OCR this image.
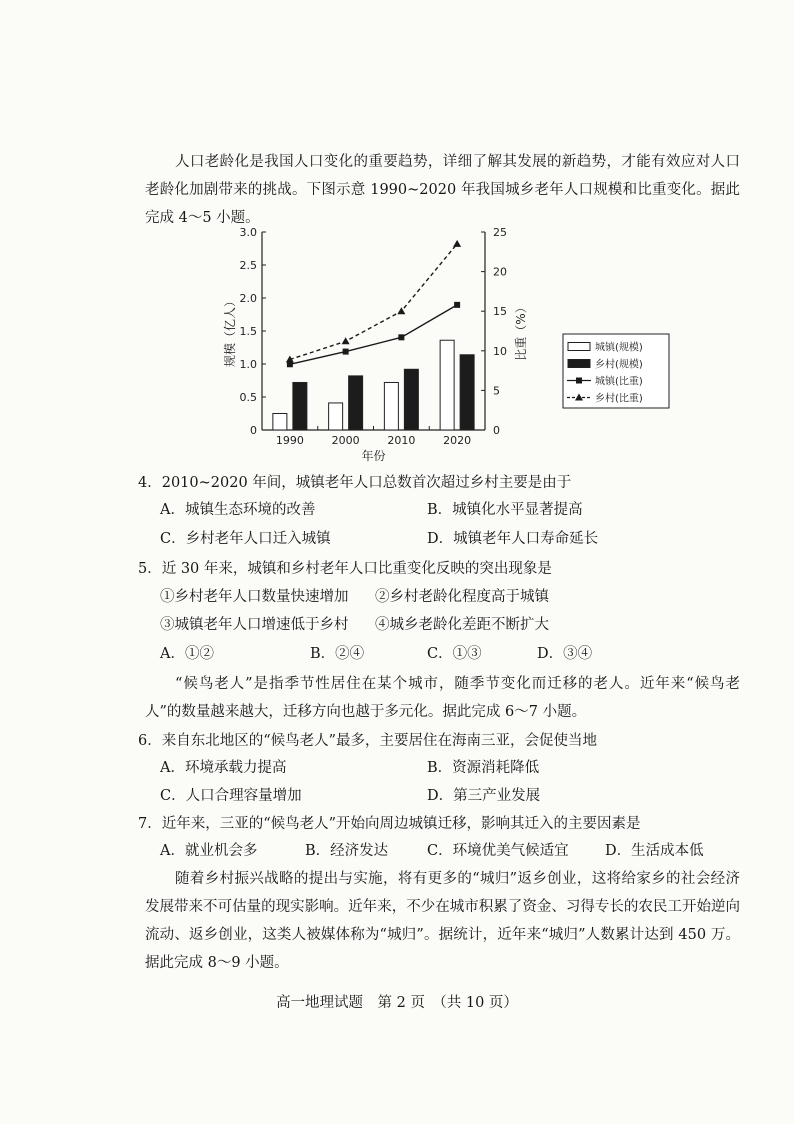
人口老龄化是我国人口变化的重要趋势，详细了解其发展的新趋势，才能有效应对人口老龄化加剧带来的挑战。下图示意 1990~2020 年我国城乡老年人口规模和比重变化。据此完成 4～5 小题。
0
0.5
1.0
1.5
2.0
2.5
3.0
0
5
10
15
20
25
1990	2000	2010	2020
年份
规模（亿人）	比重（%）	城镇(规模)
乡村(规模)
城镇(比重)
乡村(比重)
4．2010~2020 年间，城镇老年人口总数首次超过乡村主要是由于
A．城镇生态环境的改善	B．城镇化水平显著提高
C．乡村老年人口迁入城镇	D．城镇老年人口寿命延长
5．近 30 年来，城镇和乡村老年人口比重变化反映的突出现象是
①乡村老年人口数量快速增加 ②乡村老龄化程度高于城镇
③城镇老年人口增速低于乡村 ④城乡老龄化差距不断扩大
A．①②	B．②④	C．①③	D．③④
“候鸟老人”是指季节性居住在某个城市，随季节变化而迁移的老人。近年来“候鸟老人”的数量越来越大，迁移方向也越于多元化。据此完成 6～7 小题。
6．来自东北地区的“候鸟老人”最多，主要居住在海南三亚，会促使当地
A．环境承载力提高	B．资源消耗降低
C．人口合理容量增加	D．第三产业发展
7．近年来，三亚的“候鸟老人”开始向周边城镇迁移，影响其迁入的主要因素是
A．就业机会多	B．经济发达	C．环境优美气候适宜	D．生活成本低
随着乡村振兴战略的提出与实施，将有更多的“城归”返乡创业，这将给家乡的社会经济发展带来不可估量的现实影响。近年来，不少在城市积累了资金、习得专长的农民工开始逆向流动、返乡创业，这类人被媒体称为“城归”。据统计，近年来“城归”人数累计达到 450 万。据此完成 8～9 小题。
高一地理试题　第 2 页　（共 10 页）
